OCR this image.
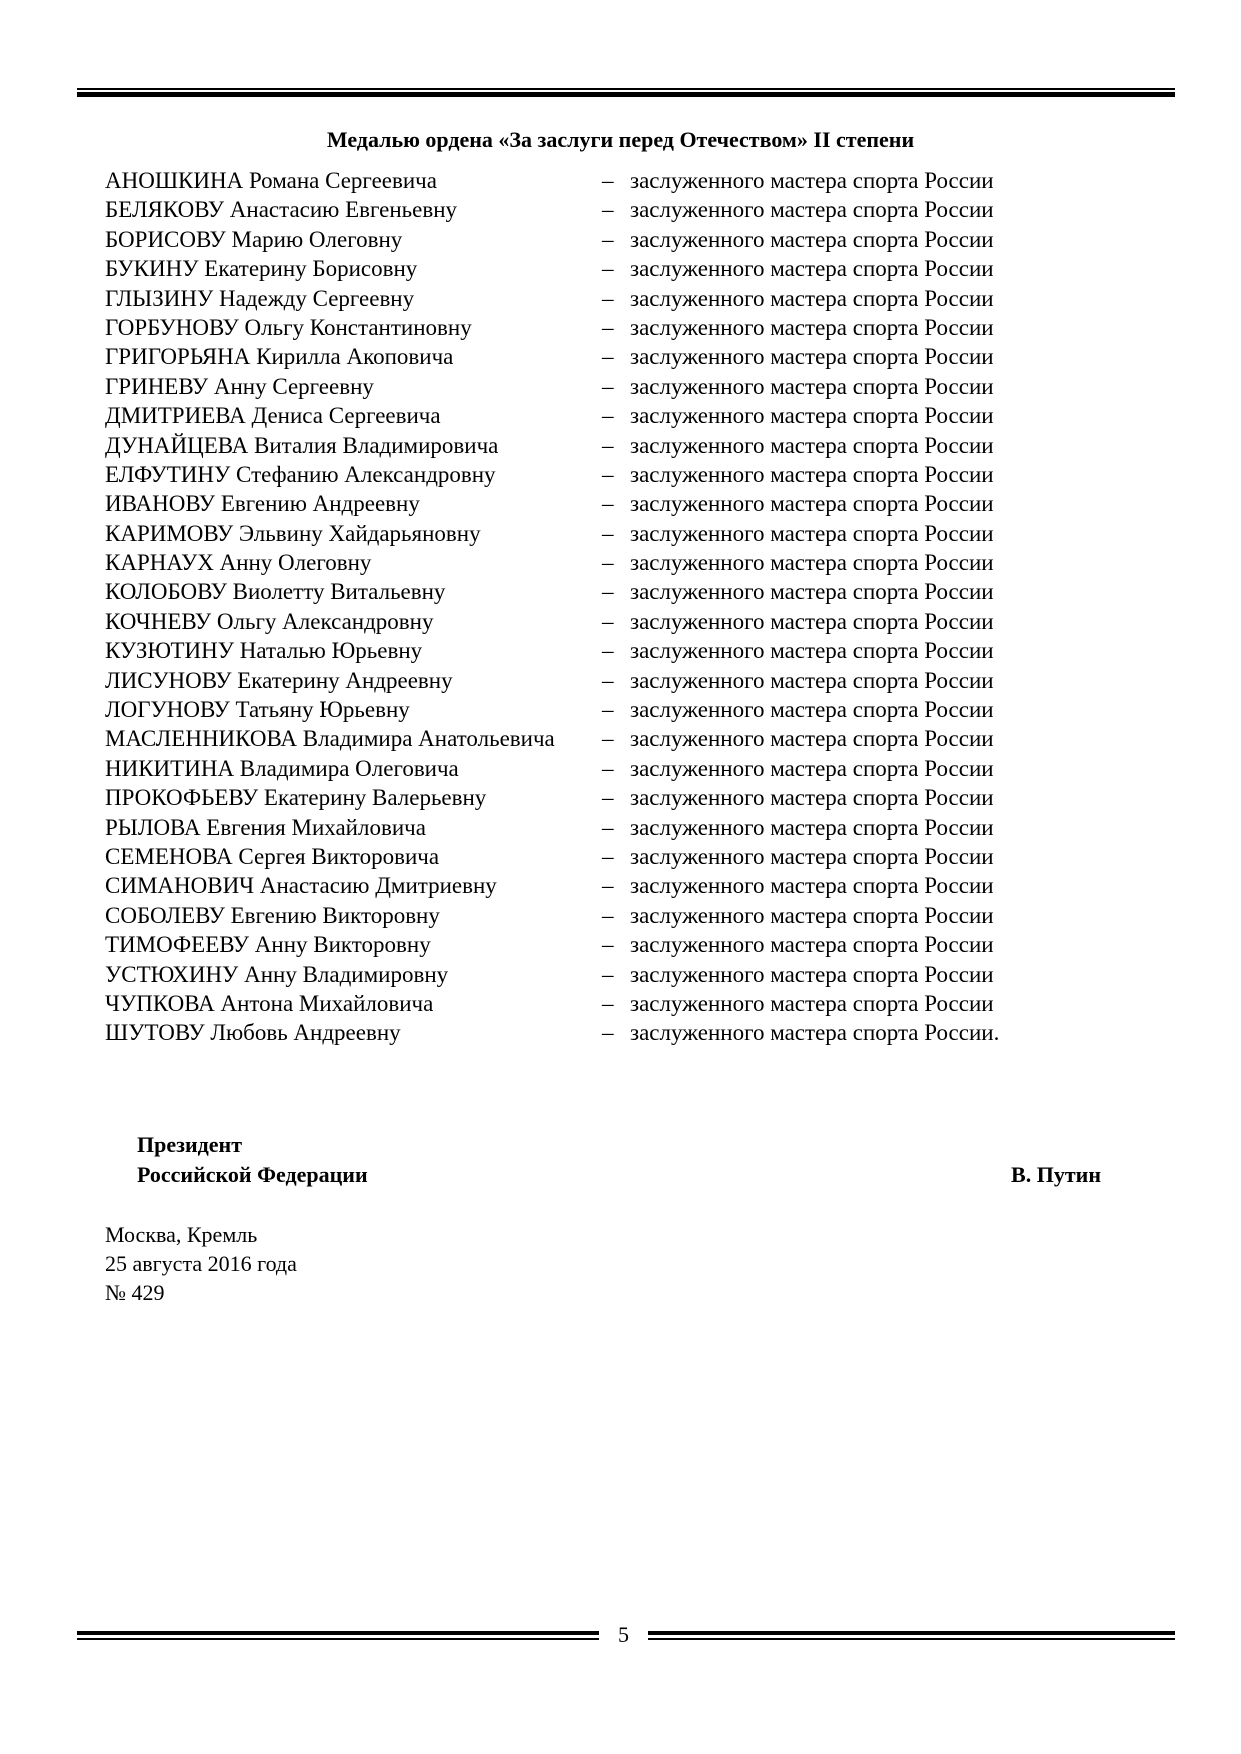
Медалью ордена «За заслуги перед Отечеством» II степени
АНОШКИНА Романа Сергеевича	– заслуженного мастера спорта России
БЕЛЯКОВУ Анастасию Евгеньевну	– заслуженного мастера спорта России
БОРИСОВУ Марию Олеговну	– заслуженного мастера спорта России
БУКИНУ Екатерину Борисовну	– заслуженного мастера спорта России
ГЛЫЗИНУ Надежду Сергеевну	– заслуженного мастера спорта России
ГОРБУНОВУ Ольгу Константиновну	– заслуженного мастера спорта России
ГРИГОРЬЯНА Кирилла Акоповича	– заслуженного мастера спорта России
ГРИНЕВУ Анну Сергеевну	– заслуженного мастера спорта России
ДМИТРИЕВА Дениса Сергеевича	– заслуженного мастера спорта России
ДУНАЙЦЕВА Виталия Владимировича	– заслуженного мастера спорта России
ЕЛФУТИНУ Стефанию Александровну	– заслуженного мастера спорта России
ИВАНОВУ Евгению Андреевну	– заслуженного мастера спорта России
КАРИМОВУ Эльвину Хайдарьяновну	– заслуженного мастера спорта России
КАРНАУХ Анну Олеговну	– заслуженного мастера спорта России
КОЛОБОВУ Виолетту Витальевну	– заслуженного мастера спорта России
КОЧНЕВУ Ольгу Александровну	– заслуженного мастера спорта России
КУЗЮТИНУ Наталью Юрьевну	– заслуженного мастера спорта России
ЛИСУНОВУ Екатерину Андреевну	– заслуженного мастера спорта России
ЛОГУНОВУ Татьяну Юрьевну	– заслуженного мастера спорта России
МАСЛЕННИКОВА Владимира Анатольевича – заслуженного мастера спорта России
НИКИТИНА Владимира Олеговича	– заслуженного мастера спорта России
ПРОКОФЬЕВУ Екатерину Валерьевну	– заслуженного мастера спорта России
РЫЛОВА Евгения Михайловича	– заслуженного мастера спорта России
СЕМЕНОВА Сергея Викторовича	– заслуженного мастера спорта России
СИМАНОВИЧ Анастасию Дмитриевну	– заслуженного мастера спорта России
СОБОЛЕВУ Евгению Викторовну	– заслуженного мастера спорта России
ТИМОФЕЕВУ Анну Викторовну	– заслуженного мастера спорта России
УСТЮХИНУ Анну Владимировну	– заслуженного мастера спорта России
ЧУПКОВА Антона Михайловича	– заслуженного мастера спорта России
ШУТОВУ Любовь Андреевну	– заслуженного мастера спорта России.
Президент
Российской Федерации	В. Путин
Москва, Кремль
25 августа 2016 года
№ 429
5
